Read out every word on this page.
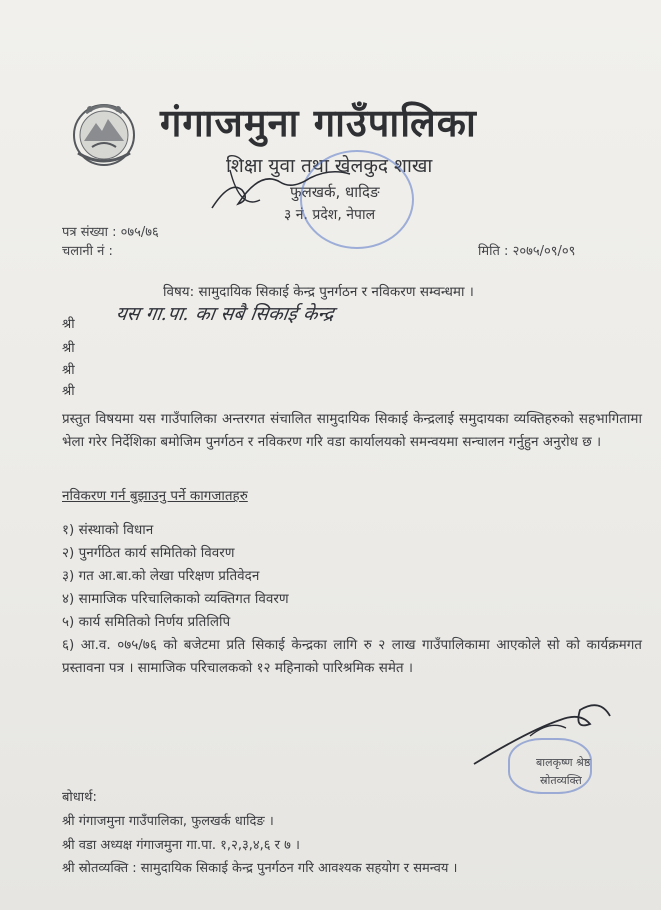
गंगाजमुना गाउँपालिका
शिक्षा युवा तथा खेलकुद शाखा
फुलखर्क, धादिङ
३ नं. प्रदेश, नेपाल
पत्र संख्या : ०७५/७६
चलानी नं :	मिति : २०७५/०९/०९
विषय: सामुदायिक सिकाई केन्द्र पुनर्गठन र नविकरण सम्वन्धमा ।
श्री
श्री
श्री
श्री
यस गा.पा. का सबै सिकाई केन्द्र
प्रस्तुत विषयमा यस गाउँपालिका अन्तरगत संचालित सामुदायिक सिकाई केन्द्रलाई समुदायका व्यक्तिहरुको सहभागितामा भेला गरेर निर्देशिका बमोजिम पुनर्गठन र नविकरण गरि वडा कार्यालयको समन्वयमा सन्चालन गर्नुहुन अनुरोध छ ।
नविकरण गर्न बुझाउनु पर्ने कागजातहरु
१) संस्थाको विधान
२) पुनर्गठित कार्य समितिको विवरण
३) गत आ.बा.को लेखा परिक्षण प्रतिवेदन
४) सामाजिक परिचालिकाको व्यक्तिगत विवरण
५) कार्य समितिको निर्णय प्रतिलिपि
६) आ.व. ०७५/७६ को बजेटमा प्रति सिकाई केन्द्रका लागि रु २ लाख गाउँपालिकामा आएकोले सो को कार्यक्रमगत प्रस्तावना पत्र । सामाजिक परिचालकको १२ महिनाको पारिश्रमिक समेत ।
बालकृष्ण श्रेष्ठ
स्रोतव्यक्ति
बोधार्थ:
श्री गंगाजमुना गाउँपालिका, फुलखर्क धादिङ ।
श्री वडा अध्यक्ष गंगाजमुना गा.पा. १,२,३,४,६ र ७ ।
श्री स्रोतव्यक्ति : सामुदायिक सिकाई केन्द्र पुनर्गठन गरि आवश्यक सहयोग र समन्वय ।
